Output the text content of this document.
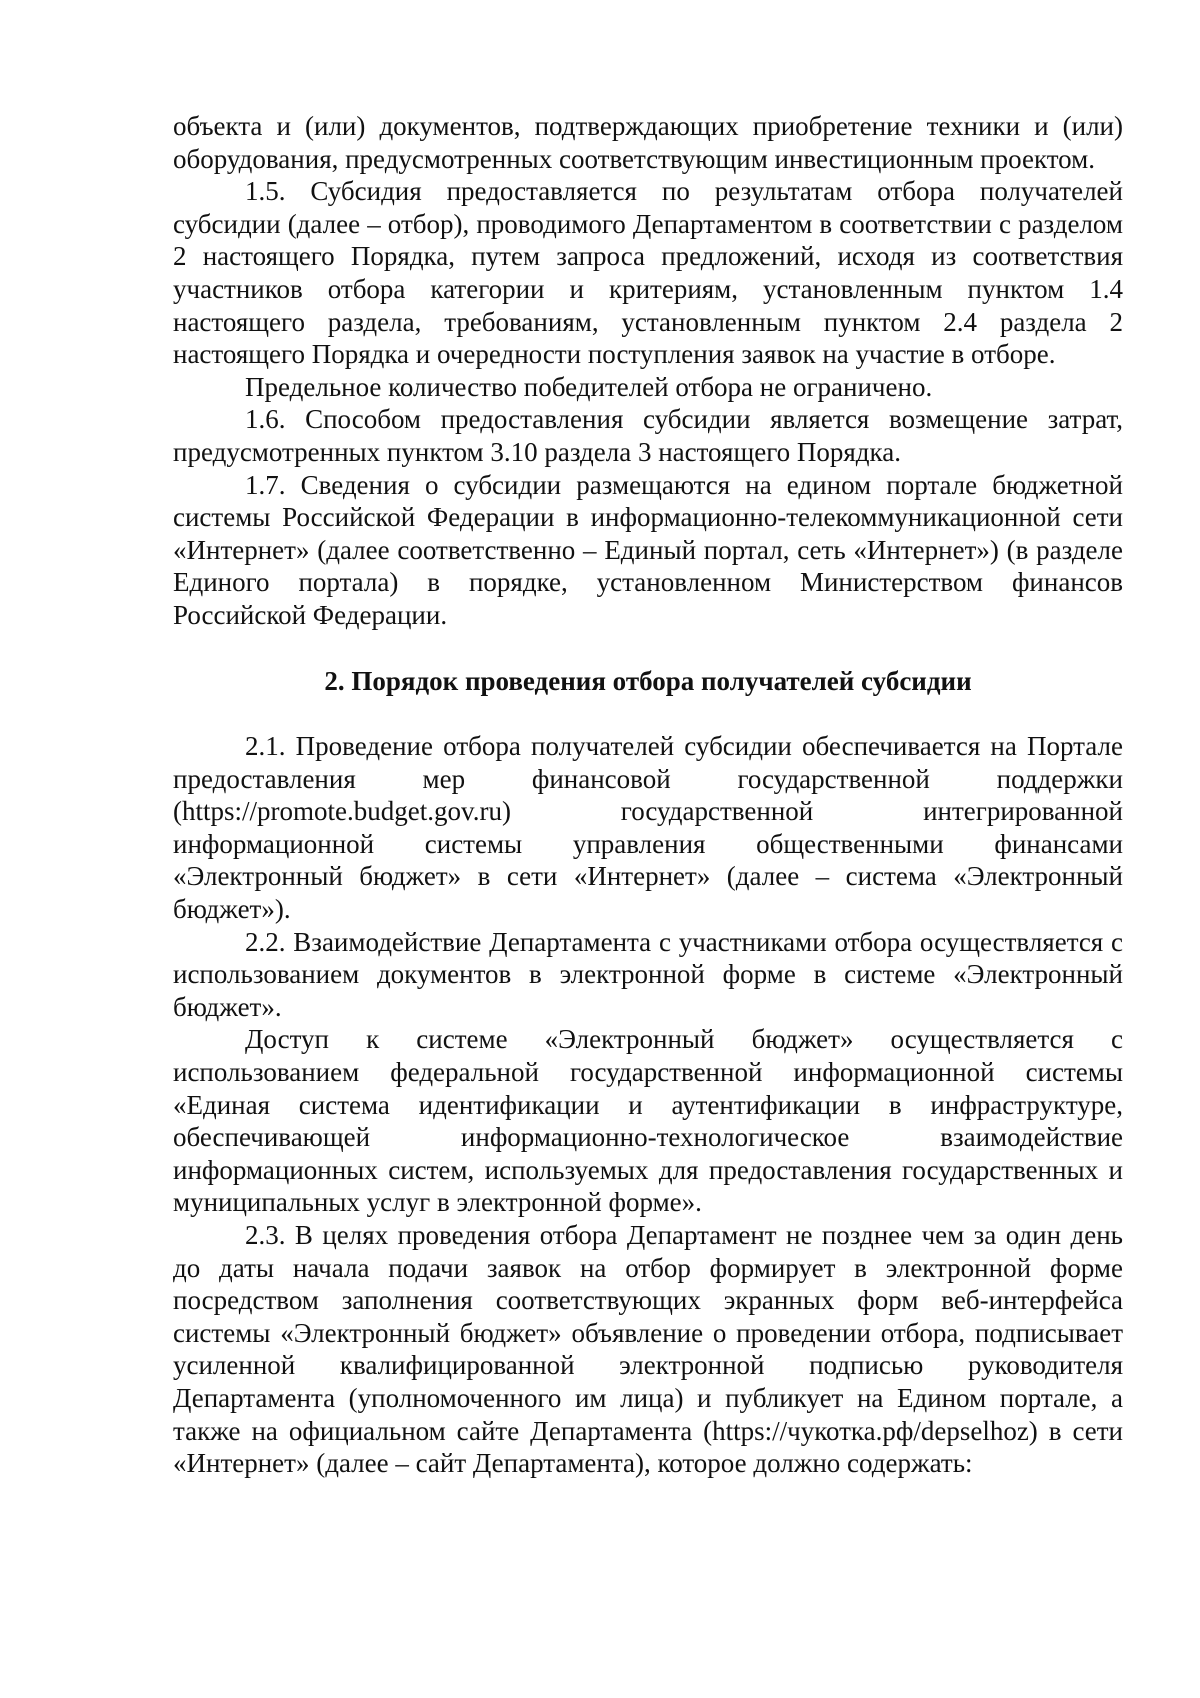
объекта и (или) документов, подтверждающих приобретение техники и (или) оборудования, предусмотренных соответствующим инвестиционным проектом.

1.5. Субсидия предоставляется по результатам отбора получателей субсидии (далее – отбор), проводимого Департаментом в соответствии с разделом 2 настоящего Порядка, путем запроса предложений, исходя из соответствия участников отбора категории и критериям, установленным пунктом 1.4 настоящего раздела, требованиям, установленным пунктом 2.4 раздела 2 настоящего Порядка и очередности поступления заявок на участие в отборе.

Предельное количество победителей отбора не ограничено.

1.6. Способом предоставления субсидии является возмещение затрат, предусмотренных пунктом 3.10 раздела 3 настоящего Порядка.

1.7. Сведения о субсидии размещаются на едином портале бюджетной системы Российской Федерации в информационно-телекоммуникационной сети «Интернет» (далее соответственно – Единый портал, сеть «Интернет») (в разделе Единого портала) в порядке, установленном Министерством финансов Российской Федерации.

2. Порядок проведения отбора получателей субсидии

2.1. Проведение отбора получателей субсидии обеспечивается на Портале предоставления мер финансовой государственной поддержки (https://promote.budget.gov.ru) государственной интегрированной информационной системы управления общественными финансами «Электронный бюджет» в сети «Интернет» (далее – система «Электронный бюджет»).

2.2. Взаимодействие Департамента с участниками отбора осуществляется с использованием документов в электронной форме в системе «Электронный бюджет».

Доступ к системе «Электронный бюджет» осуществляется с использованием федеральной государственной информационной системы «Единая система идентификации и аутентификации в инфраструктуре, обеспечивающей информационно-технологическое взаимодействие информационных систем, используемых для предоставления государственных и муниципальных услуг в электронной форме».

2.3. В целях проведения отбора Департамент не позднее чем за один день до даты начала подачи заявок на отбор формирует в электронной форме посредством заполнения соответствующих экранных форм веб-интерфейса системы «Электронный бюджет» объявление о проведении отбора, подписывает усиленной квалифицированной электронной подписью руководителя Департамента (уполномоченного им лица) и публикует на Едином портале, а также на официальном сайте Департамента (https://чукотка.рф/depselhoz) в сети «Интернет» (далее – сайт Департамента), которое должно содержать:
